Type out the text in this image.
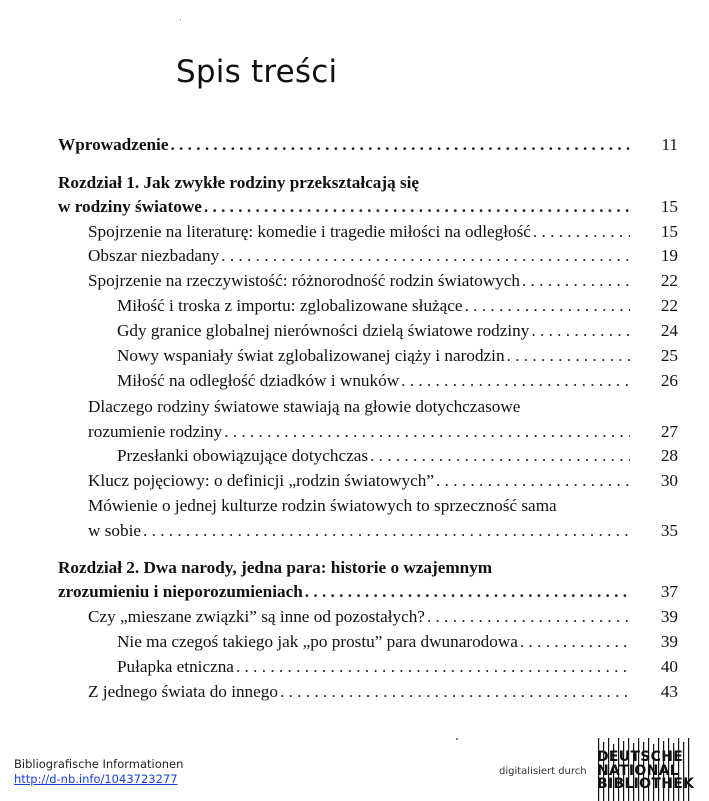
Spis treści
Wprowadzenie . . .	11
Rozdział 1. Jak zwykłe rodziny przekształcają się
w rodziny światowe . . .	15
Spojrzenie na literaturę: komedie i tragedie miłości na odległość . . .	15
Obszar niezbadany . . .	19
Spojrzenie na rzeczywistość: różnorodność rodzin światowych . . .	22
Miłość i troska z importu: zglobalizowane służące . . .	22
Gdy granice globalnej nierówności dzielą światowe rodziny . . .	24
Nowy wspaniały świat zglobalizowanej ciąży i narodzin . . .	25
Miłość na odległość dziadków i wnuków . . .	26
Dlaczego rodziny światowe stawiają na głowie dotychczasowe
rozumienie rodziny . . .	27
Przesłanki obowiązujące dotychczas . . .	28
Klucz pojęciowy: o definicji „rodzin światowych” . . .	30
Mówienie o jednej kulturze rodzin światowych to sprzeczność sama
w sobie . . .	35
Rozdział 2. Dwa narody, jedna para: historie o wzajemnym
zrozumieniu i nieporozumieniach . . .	37
Czy „mieszane związki” są inne od pozostałych? . . .	39
Nie ma czegoś takiego jak „po prostu” para dwunarodowa . . .	39
Pułapka etniczna . . .	40
Z jednego świata do innego . . .	43
Bibliografische Informationen
http://d-nb.info/1043723277
digitalisiert durch
DEUTSCHE
NATIONAL
BIBLIOTHEK
